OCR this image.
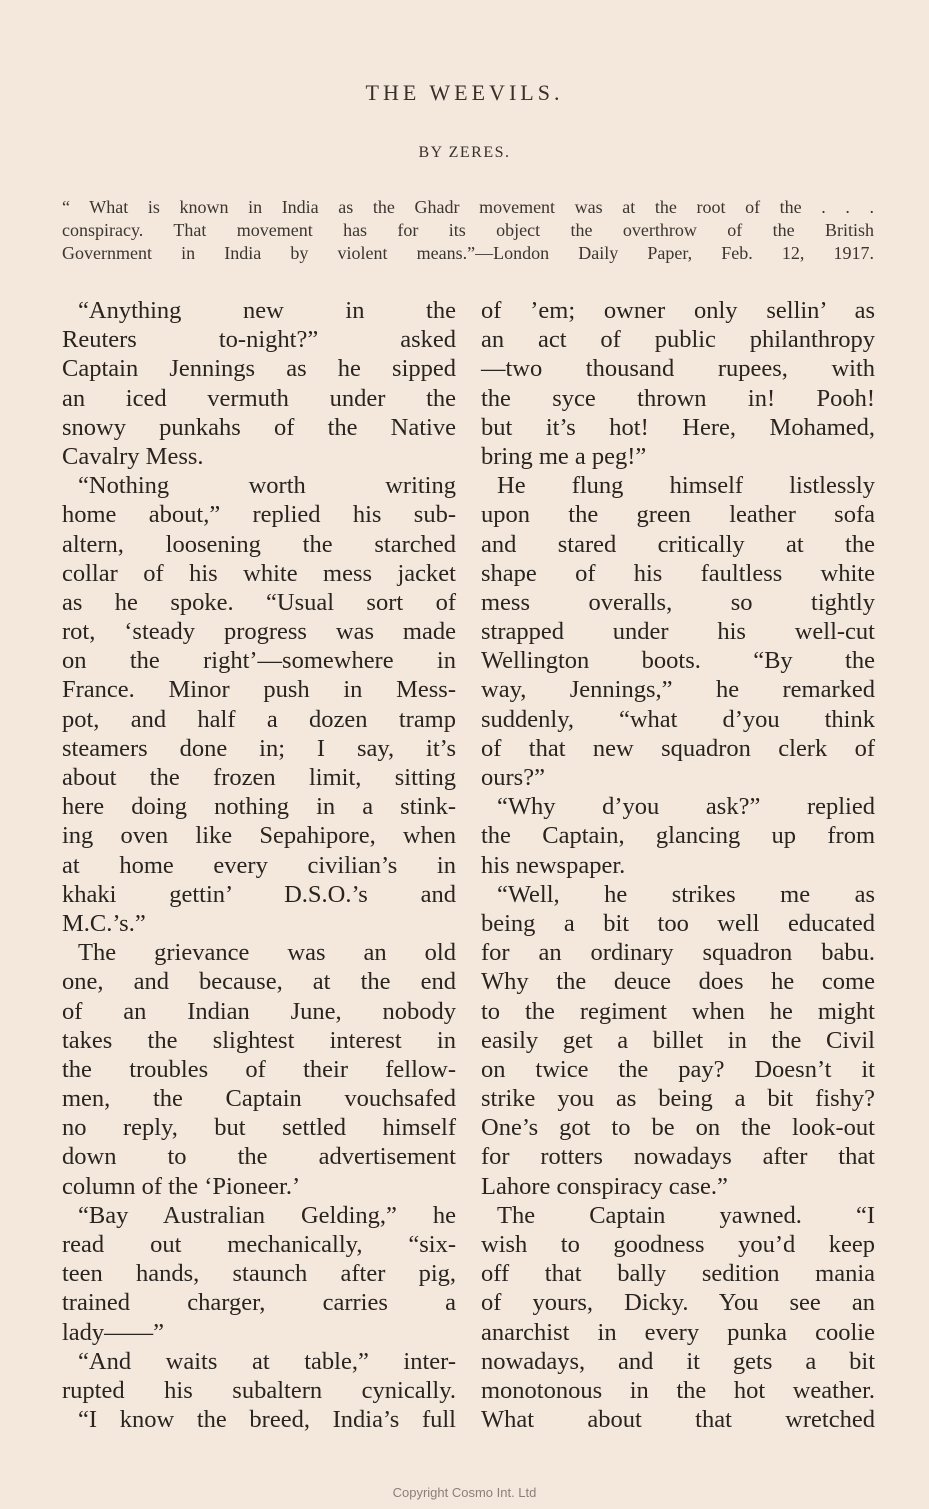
THE WEEVILS.
BY ZERES.
“ What is known in India as the Ghadr movement was at the root of the . . .
conspiracy. That movement has for its object the overthrow of the British
Government in India by violent means.”—London Daily Paper, Feb. 12, 1917.
“Anything new in the
Reuters to-night?” asked
Captain Jennings as he sipped
an iced vermuth under the
snowy punkahs of the Native
Cavalry Mess.
“Nothing worth writing
home about,” replied his sub-
altern, loosening the starched
collar of his white mess jacket
as he spoke. “Usual sort of
rot, ‘steady progress was made
on the right’—somewhere in
France. Minor push in Mess-
pot, and half a dozen tramp
steamers done in; I say, it’s
about the frozen limit, sitting
here doing nothing in a stink-
ing oven like Sepahipore, when
at home every civilian’s in
khaki gettin’ D.S.O.’s and
M.C.’s.”
The grievance was an old
one, and because, at the end
of an Indian June, nobody
takes the slightest interest in
the troubles of their fellow-
men, the Captain vouchsafed
no reply, but settled himself
down to the advertisement
column of the ‘Pioneer.’
“Bay Australian Gelding,” he
read out mechanically, “six-
teen hands, staunch after pig,
trained charger, carries a
lady——”
“And waits at table,” inter-
rupted his subaltern cynically.
“I know the breed, India’s full
of ’em; owner only sellin’ as
an act of public philanthropy
—two thousand rupees, with
the syce thrown in! Pooh!
but it’s hot! Here, Mohamed,
bring me a peg!”
He flung himself listlessly
upon the green leather sofa
and stared critically at the
shape of his faultless white
mess overalls, so tightly
strapped under his well-cut
Wellington boots. “By the
way, Jennings,” he remarked
suddenly, “what d’you think
of that new squadron clerk of
ours?”
“Why d’you ask?” replied
the Captain, glancing up from
his newspaper.
“Well, he strikes me as
being a bit too well educated
for an ordinary squadron babu.
Why the deuce does he come
to the regiment when he might
easily get a billet in the Civil
on twice the pay? Doesn’t it
strike you as being a bit fishy?
One’s got to be on the look-out
for rotters nowadays after that
Lahore conspiracy case.”
The Captain yawned. “I
wish to goodness you’d keep
off that bally sedition mania
of yours, Dicky. You see an
anarchist in every punka coolie
nowadays, and it gets a bit
monotonous in the hot weather.
What about that wretched
Copyright Cosmo Int. Ltd
